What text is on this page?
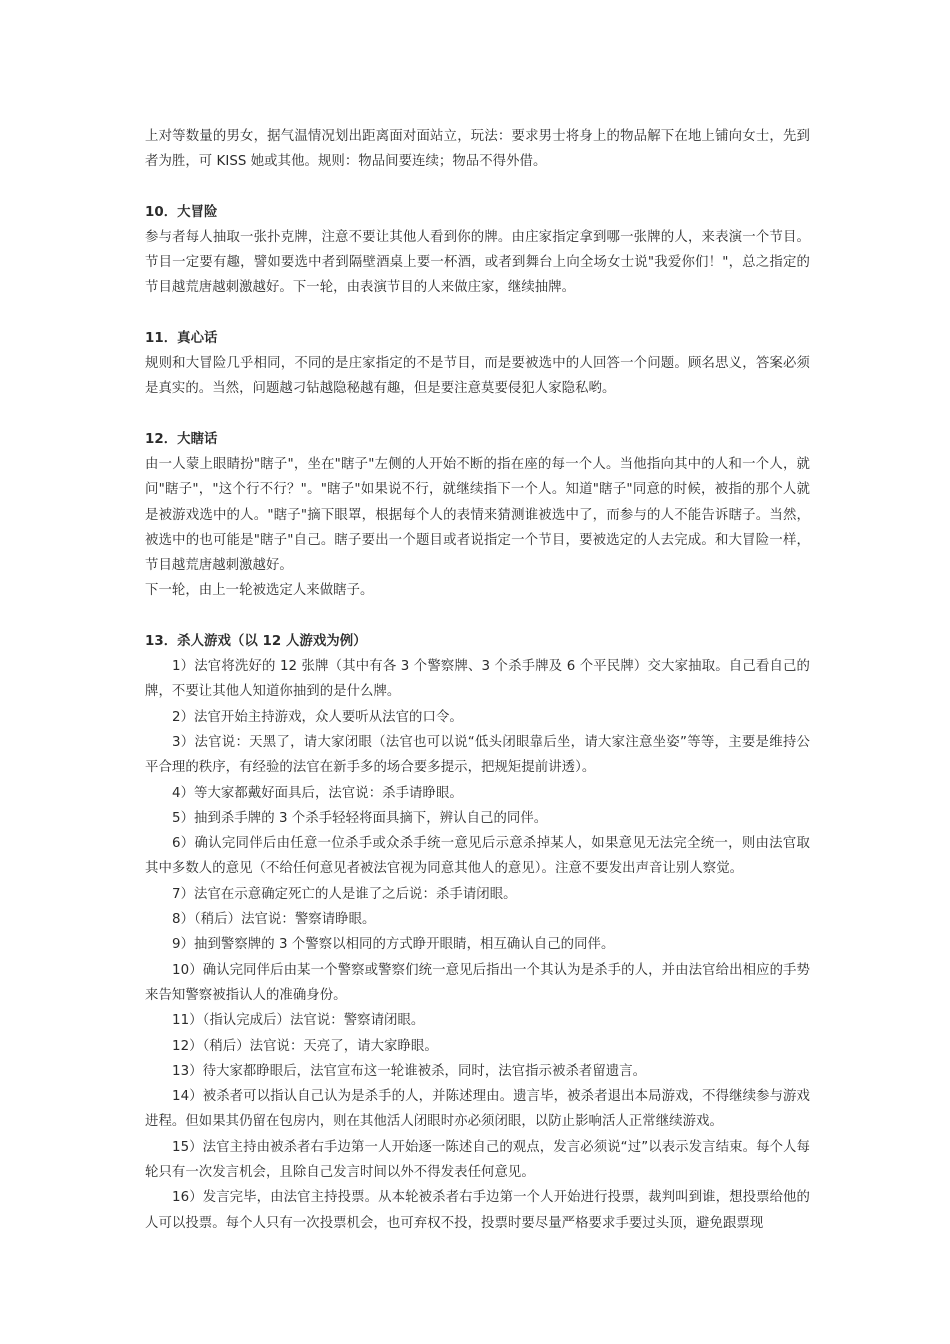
上对等数量的男女，据气温情况划出距离面对面站立，玩法：要求男士将身上的物品解下在地上铺向女士，先到者为胜，可 KISS 她或其他。规则：物品间要连续；物品不得外借。

10．大冒险

参与者每人抽取一张扑克牌，注意不要让其他人看到你的牌。由庄家指定拿到哪一张牌的人，来表演一个节目。节目一定要有趣，譬如要选中者到隔壁酒桌上要一杯酒，或者到舞台上向全场女士说"我爱你们！"，总之指定的节目越荒唐越刺激越好。下一轮，由表演节目的人来做庄家，继续抽牌。

11．真心话

规则和大冒险几乎相同，不同的是庄家指定的不是节目，而是要被选中的人回答一个问题。顾名思义，答案必须是真实的。当然，问题越刁钻越隐秘越有趣，但是要注意莫要侵犯人家隐私哟。

12．大瞎话

由一人蒙上眼睛扮"瞎子"，坐在"瞎子"左侧的人开始不断的指在座的每一个人。当他指向其中的人和一个人，就问"瞎子"，"这个行不行？"。"瞎子"如果说不行，就继续指下一个人。知道"瞎子"同意的时候，被指的那个人就是被游戏选中的人。"瞎子"摘下眼罩，根据每个人的表情来猜测谁被选中了，而参与的人不能告诉瞎子。当然，被选中的也可能是"瞎子"自己。瞎子要出一个题目或者说指定一个节目，要被选定的人去完成。和大冒险一样，节目越荒唐越刺激越好。

下一轮，由上一轮被选定人来做瞎子。

13．杀人游戏（以 12 人游戏为例）

1）法官将洗好的 12 张牌（其中有各 3 个警察牌、3 个杀手牌及 6 个平民牌）交大家抽取。自己看自己的牌，不要让其他人知道你抽到的是什么牌。

2）法官开始主持游戏，众人要听从法官的口令。

3）法官说：天黑了，请大家闭眼（法官也可以说“低头闭眼靠后坐，请大家注意坐姿”等等，主要是维持公平合理的秩序，有经验的法官在新手多的场合要多提示，把规矩提前讲透）。

4）等大家都戴好面具后，法官说：杀手请睁眼。

5）抽到杀手牌的 3 个杀手轻轻将面具摘下，辨认自己的同伴。

6）确认完同伴后由任意一位杀手或众杀手统一意见后示意杀掉某人，如果意见无法完全统一，则由法官取其中多数人的意见（不给任何意见者被法官视为同意其他人的意见）。注意不要发出声音让别人察觉。

7）法官在示意确定死亡的人是谁了之后说：杀手请闭眼。

8）（稍后）法官说：警察请睁眼。

9）抽到警察牌的 3 个警察以相同的方式睁开眼睛，相互确认自己的同伴。

10）确认完同伴后由某一个警察或警察们统一意见后指出一个其认为是杀手的人，并由法官给出相应的手势来告知警察被指认人的准确身份。

11）（指认完成后）法官说：警察请闭眼。

12）（稍后）法官说：天亮了，请大家睁眼。

13）待大家都睁眼后，法官宣布这一轮谁被杀，同时，法官指示被杀者留遗言。

14）被杀者可以指认自己认为是杀手的人，并陈述理由。遗言毕，被杀者退出本局游戏，不得继续参与游戏进程。但如果其仍留在包房内，则在其他活人闭眼时亦必须闭眼，以防止影响活人正常继续游戏。

15）法官主持由被杀者右手边第一人开始逐一陈述自己的观点，发言必须说“过”以表示发言结束。每个人每轮只有一次发言机会，且除自己发言时间以外不得发表任何意见。

16）发言完毕，由法官主持投票。从本轮被杀者右手边第一个人开始进行投票，裁判叫到谁，想投票给他的人可以投票。每个人只有一次投票机会，也可弃权不投，投票时要尽量严格要求手要过头顶，避免跟票现
